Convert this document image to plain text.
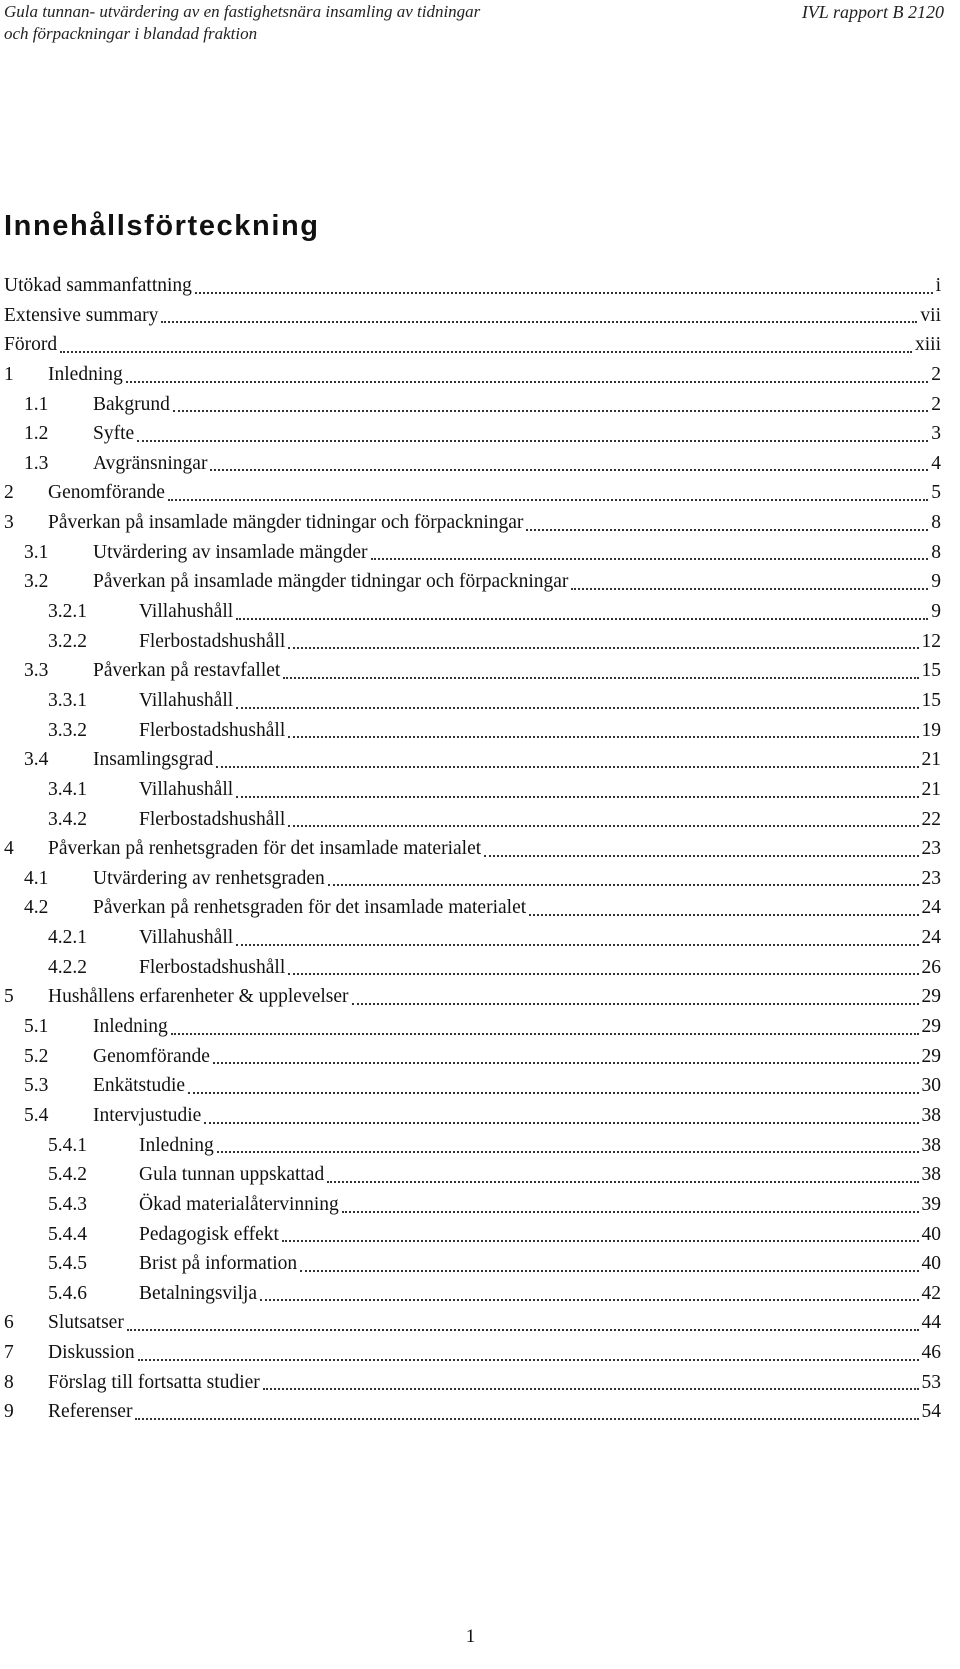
Gula tunnan- utvärdering av en fastighetsnära insamling av tidningar
och förpackningar i blandad fraktion
IVL rapport B 2120
Innehållsförteckning
Utökad sammanfattning	i
Extensive summary	vii
Förord	xiii
1 Inledning	2
1.1 Bakgrund	2
1.2 Syfte	3
1.3 Avgränsningar	4
2 Genomförande	5
3 Påverkan på insamlade mängder tidningar och förpackningar	8
3.1 Utvärdering av insamlade mängder	8
3.2 Påverkan på insamlade mängder tidningar och förpackningar	9
3.2.1	Villahushåll	9
3.2.2	Flerbostadshushåll	12
3.3 Påverkan på restavfallet	15
3.3.1	Villahushåll	15
3.3.2	Flerbostadshushåll	19
3.4 Insamlingsgrad	21
3.4.1	Villahushåll	21
3.4.2	Flerbostadshushåll	22
4 Påverkan på renhetsgraden för det insamlade materialet	23
4.1 Utvärdering av renhetsgraden	23
4.2 Påverkan på renhetsgraden för det insamlade materialet	24
4.2.1	Villahushåll	24
4.2.2	Flerbostadshushåll	26
5 Hushållens erfarenheter & upplevelser	29
5.1 Inledning	29
5.2 Genomförande	29
5.3 Enkätstudie	30
5.4 Intervjustudie	38
5.4.1	Inledning	38
5.4.2	Gula tunnan uppskattad	38
5.4.3	Ökad materialåtervinning	39
5.4.4	Pedagogisk effekt	40
5.4.5	Brist på information	40
5.4.6	Betalningsvilja	42
6 Slutsatser	44
7 Diskussion	46
8 Förslag till fortsatta studier	53
9 Referenser	54
1
